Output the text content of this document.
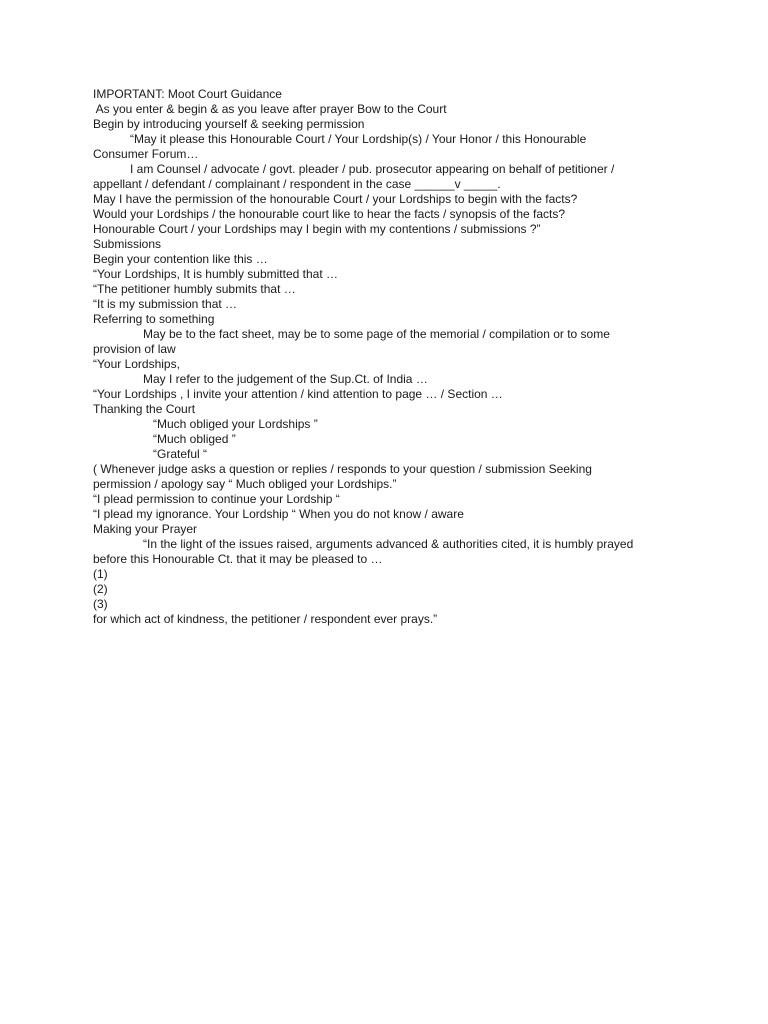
IMPORTANT: Moot Court Guidance
As you enter & begin & as you leave after prayer Bow to the Court
Begin by introducing yourself & seeking permission
“May it please this Honourable Court / Your Lordship(s) / Your Honor / this Honourable
Consumer Forum…
I am Counsel / advocate / govt. pleader / pub. prosecutor appearing on behalf of petitioner /
appellant / defendant / complainant / respondent in the case ______v _____.
May I have the permission of the honourable Court / your Lordships to begin with the facts?
Would your Lordships / the honourable court like to hear the facts / synopsis of the facts?
Honourable Court / your Lordships may I begin with my contentions / submissions ?”
Submissions
Begin your contention like this …
“Your Lordships, It is humbly submitted that …
“The petitioner humbly submits that …
“It is my submission that …
Referring to something
May be to the fact sheet, may be to some page of the memorial / compilation or to some
provision of law
“Your Lordships,
May I refer to the judgement of the Sup.Ct. of India …
“Your Lordships , I invite your attention / kind attention to page … / Section …
Thanking the Court
“Much obliged your Lordships ”
“Much obliged ”
“Grateful “
( Whenever judge asks a question or replies / responds to your question / submission Seeking
permission / apology say “ Much obliged your Lordships.”
“I plead permission to continue your Lordship “
“I plead my ignorance. Your Lordship “ When you do not know / aware
Making your Prayer
“In the light of the issues raised, arguments advanced & authorities cited, it is humbly prayed
before this Honourable Ct. that it may be pleased to …
(1)
(2)
(3)
for which act of kindness, the petitioner / respondent ever prays.”
